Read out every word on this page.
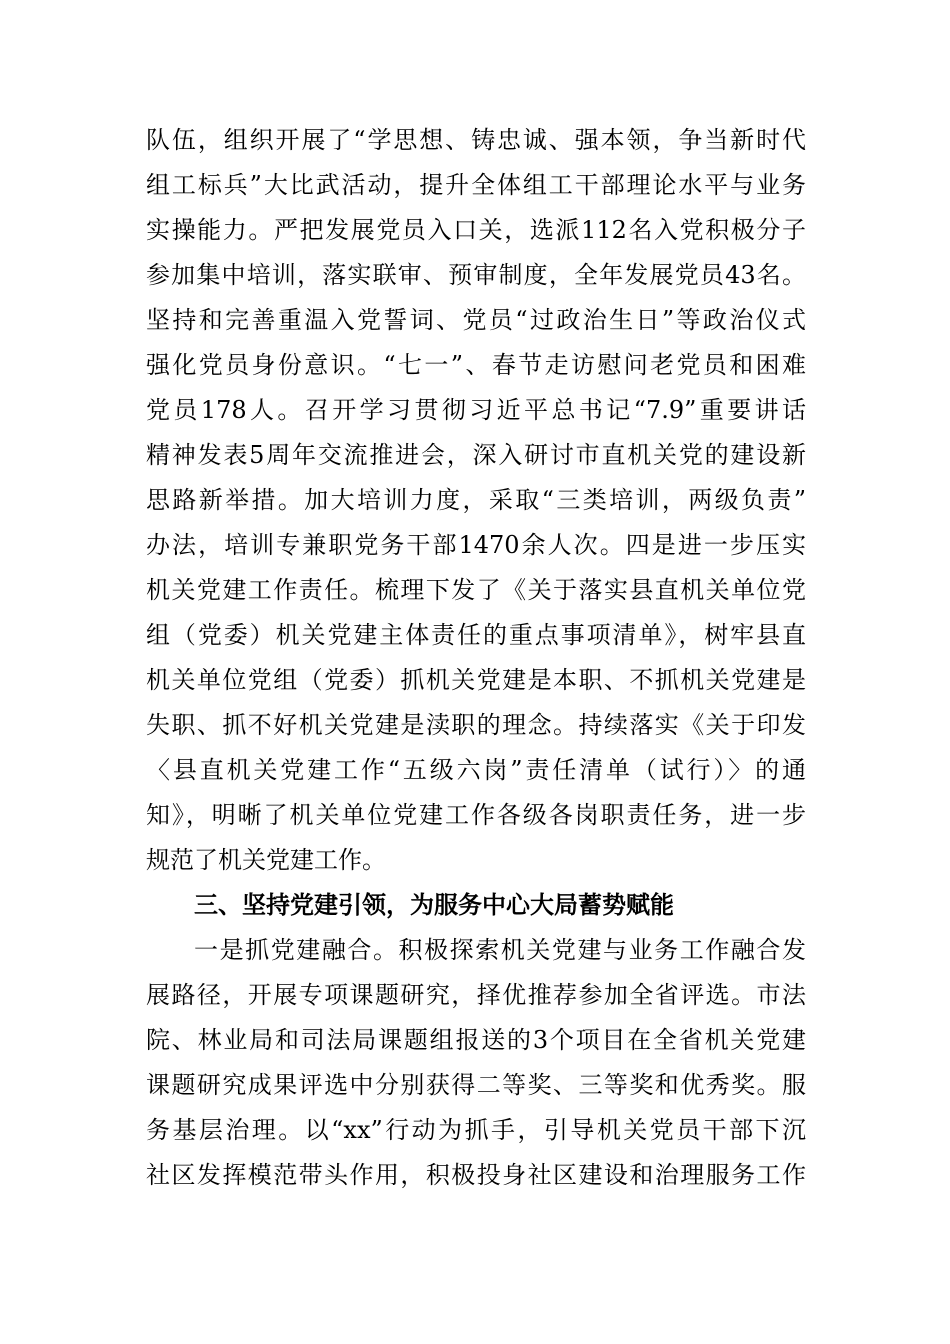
队伍，组织开展了“学思想、铸忠诚、强本领，争当新时代
组工标兵”大比武活动，提升全体组工干部理论水平与业务
实操能力。严把发展党员入口关，选派112名入党积极分子
参加集中培训，落实联审、预审制度，全年发展党员43名。
坚持和完善重温入党誓词、党员“过政治生日”等政治仪式
强化党员身份意识。“七一”、春节走访慰问老党员和困难
党员178人。召开学习贯彻习近平总书记“7.9”重要讲话
精神发表5周年交流推进会，深入研讨市直机关党的建设新
思路新举措。加大培训力度，采取“三类培训，两级负责”
办法，培训专兼职党务干部1470余人次。四是进一步压实
机关党建工作责任。梳理下发了《关于落实县直机关单位党
组（党委）机关党建主体责任的重点事项清单》，树牢县直
机关单位党组（党委）抓机关党建是本职、不抓机关党建是
失职、抓不好机关党建是渎职的理念。持续落实《关于印发
〈县直机关党建工作“五级六岗”责任清单（试行）〉的通
知》，明晰了机关单位党建工作各级各岗职责任务，进一步
规范了机关党建工作。
三、坚持党建引领，为服务中心大局蓄势赋能
一是抓党建融合。积极探索机关党建与业务工作融合发
展路径，开展专项课题研究，择优推荐参加全省评选。市法
院、林业局和司法局课题组报送的3个项目在全省机关党建
课题研究成果评选中分别获得二等奖、三等奖和优秀奖。服
务基层治理。以“xx”行动为抓手，引导机关党员干部下沉
社区发挥模范带头作用，积极投身社区建设和治理服务工作
